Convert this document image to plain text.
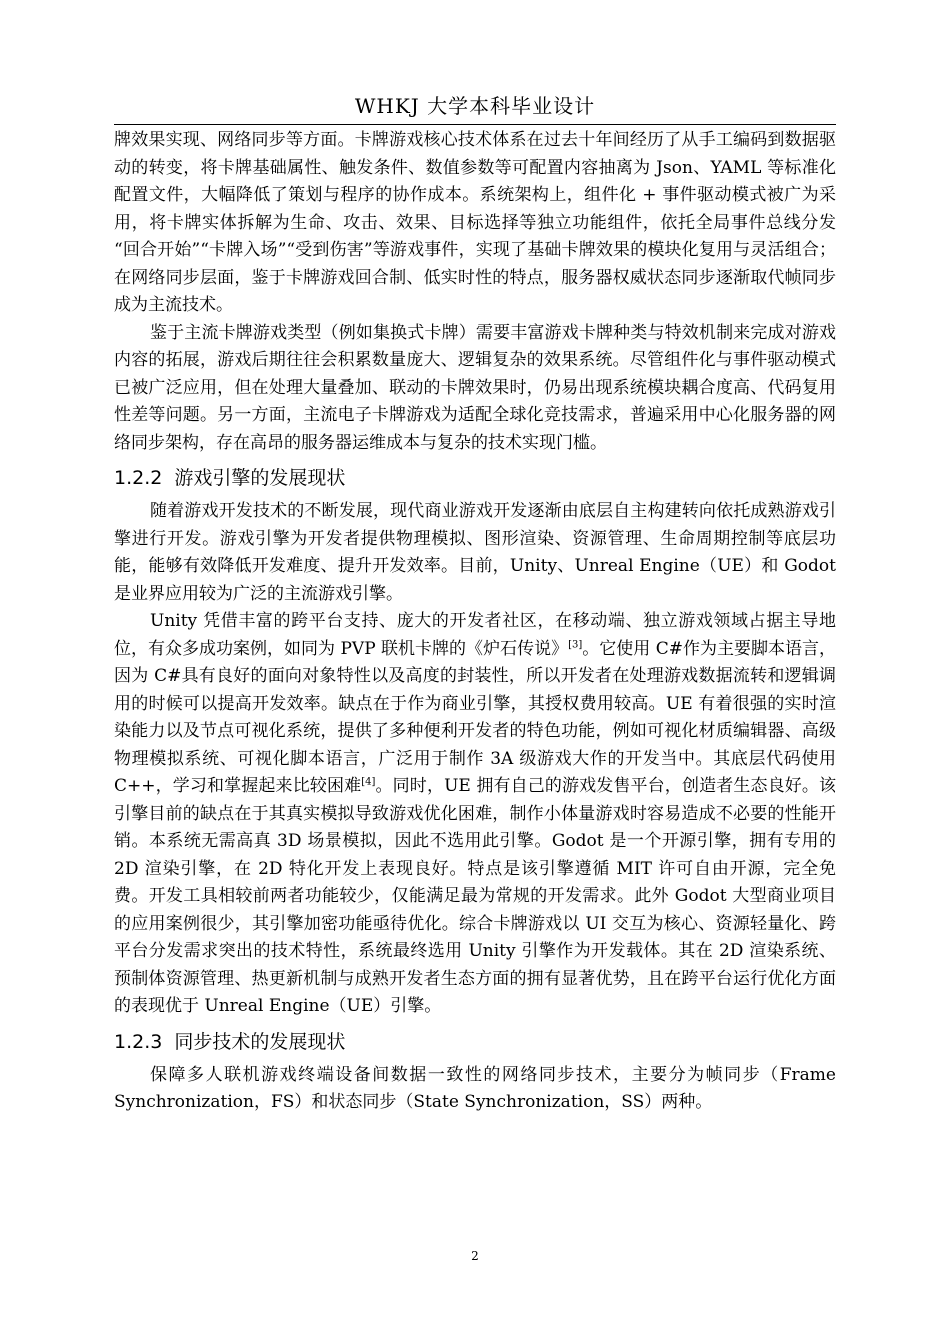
WHKJ 大学本科毕业设计

牌效果实现、网络同步等方面。卡牌游戏核心技术体系在过去十年间经历了从手工编码到数据驱动的转变，将卡牌基础属性、触发条件、数值参数等可配置内容抽离为 Json、YAML 等标准化配置文件，大幅降低了策划与程序的协作成本。系统架构上，组件化 + 事件驱动模式被广为采用，将卡牌实体拆解为生命、攻击、效果、目标选择等独立功能组件，依托全局事件总线分发 “回合开始”“卡牌入场”“受到伤害”等游戏事件，实现了基础卡牌效果的模块化复用与灵活组合；在网络同步层面，鉴于卡牌游戏回合制、低实时性的特点，服务器权威状态同步逐渐取代帧同步成为主流技术。

鉴于主流卡牌游戏类型（例如集换式卡牌）需要丰富游戏卡牌种类与特效机制来完成对游戏内容的拓展，游戏后期往往会积累数量庞大、逻辑复杂的效果系统。尽管组件化与事件驱动模式已被广泛应用，但在处理大量叠加、联动的卡牌效果时，仍易出现系统模块耦合度高、代码复用性差等问题。另一方面，主流电子卡牌游戏为适配全球化竞技需求，普遍采用中心化服务器的网络同步架构，存在高昂的服务器运维成本与复杂的技术实现门槛。

1.2.2 游戏引擎的发展现状

随着游戏开发技术的不断发展，现代商业游戏开发逐渐由底层自主构建转向依托成熟游戏引擎进行开发。游戏引擎为开发者提供物理模拟、图形渲染、资源管理、生命周期控制等底层功能，能够有效降低开发难度、提升开发效率。目前，Unity、Unreal Engine（UE）和 Godot 是业界应用较为广泛的主流游戏引擎。

Unity 凭借丰富的跨平台支持、庞大的开发者社区，在移动端、独立游戏领域占据主导地位，有众多成功案例，如同为 PVP 联机卡牌的《炉石传说》[3]。它使用 C#作为主要脚本语言，因为 C#具有良好的面向对象特性以及高度的封装性，所以开发者在处理游戏数据流转和逻辑调用的时候可以提高开发效率。缺点在于作为商业引擎，其授权费用较高。UE 有着很强的实时渲染能力以及节点可视化系统，提供了多种便利开发者的特色功能，例如可视化材质编辑器、高级物理模拟系统、可视化脚本语言，广泛用于制作 3A 级游戏大作的开发当中。其底层代码使用 C++，学习和掌握起来比较困难[4]。同时，UE 拥有自己的游戏发售平台，创造者生态良好。该引擎目前的缺点在于其真实模拟导致游戏优化困难，制作小体量游戏时容易造成不必要的性能开销。本系统无需高真 3D 场景模拟，因此不选用此引擎。Godot 是一个开源引擎，拥有专用的 2D 渲染引擎，在 2D 特化开发上表现良好。特点是该引擎遵循 MIT 许可自由开源，完全免费。开发工具相较前两者功能较少，仅能满足最为常规的开发需求。此外 Godot 大型商业项目的应用案例很少，其引擎加密功能亟待优化。综合卡牌游戏以 UI 交互为核心、资源轻量化、跨平台分发需求突出的技术特性，系统最终选用 Unity 引擎作为开发载体。其在 2D 渲染系统、预制体资源管理、热更新机制与成熟开发者生态方面的拥有显著优势，且在跨平台运行优化方面的表现优于 Unreal Engine（UE）引擎。

1.2.3 同步技术的发展现状

保障多人联机游戏终端设备间数据一致性的网络同步技术，主要分为帧同步（Frame Synchronization，FS）和状态同步（State Synchronization，SS）两种。

2
